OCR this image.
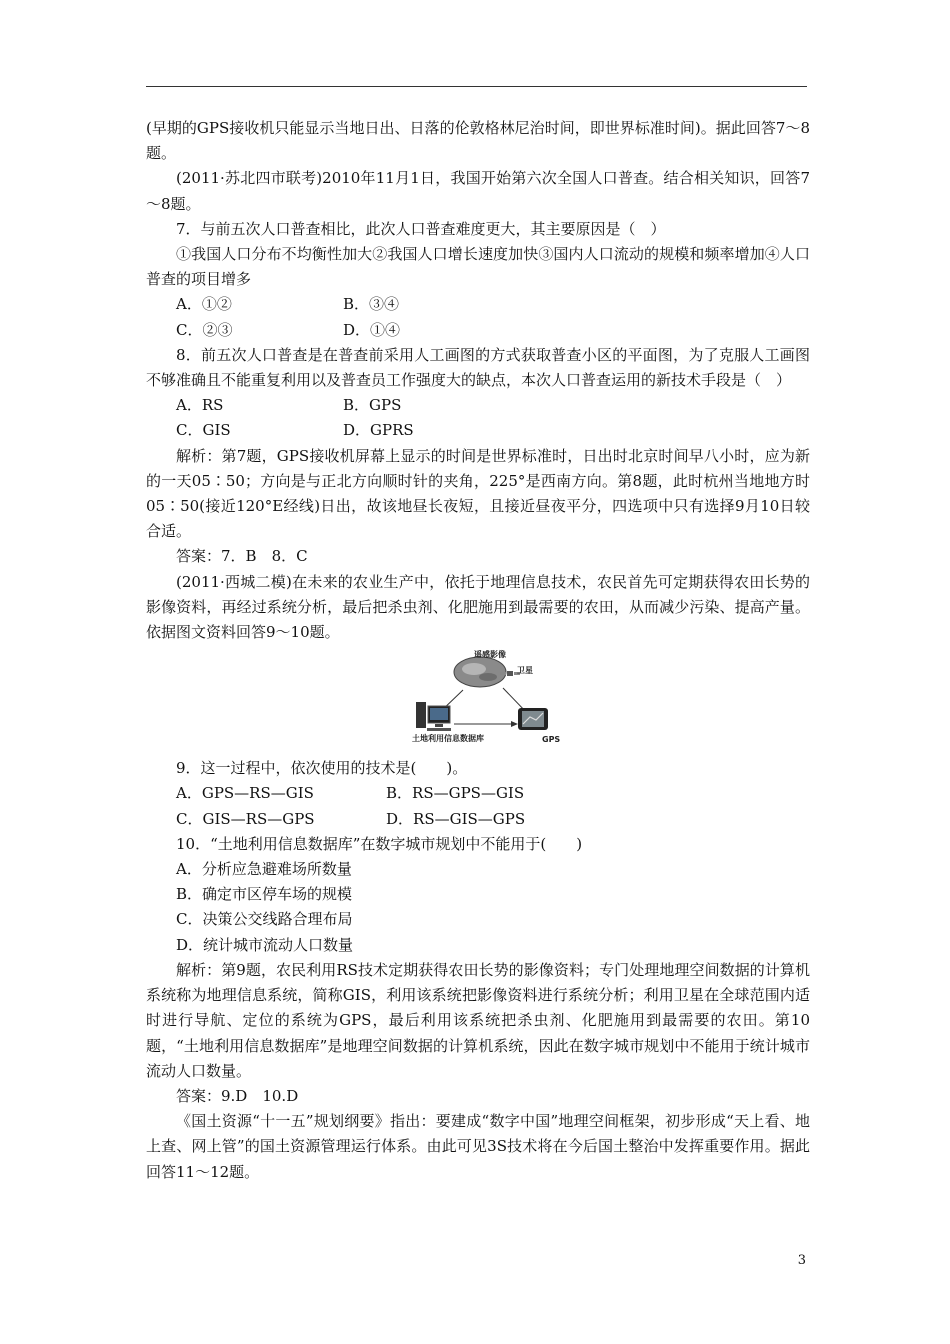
(早期的GPS接收机只能显示当地日出、日落的伦敦格林尼治时间，即世界标准时间)。据此回答7～8题。

(2011·苏北四市联考)2010年11月1日，我国开始第六次全国人口普查。结合相关知识，回答7～8题。

7．与前五次人口普查相比，此次人口普查难度更大，其主要原因是（　）

①我国人口分布不均衡性加大②我国人口增长速度加快③国内人口流动的规模和频率增加④人口普查的项目增多

A．①②	B．③④
C．②③	D．①④

8．前五次人口普查是在普查前采用人工画图的方式获取普查小区的平面图，为了克服人工画图不够准确且不能重复利用以及普查员工作强度大的缺点，本次人口普查运用的新技术手段是（　）

A．RS	B．GPS
C．GIS	D．GPRS

解析：第7题，GPS接收机屏幕上显示的时间是世界标准时，日出时北京时间早八小时，应为新的一天05∶50；方向是与正北方向顺时针的夹角，225°是西南方向。第8题，此时杭州当地地方时05∶50(接近120°E经线)日出，故该地昼长夜短，且接近昼夜平分，四选项中只有选择9月10日较合适。

答案：7．B　8．C

(2011·西城二模)在未来的农业生产中，依托于地理信息技术，农民首先可定期获得农田长势的影像资料，再经过系统分析，最后把杀虫剂、化肥施用到最需要的农田，从而减少污染、提高产量。依据图文资料回答9～10题。

遥感影像
卫星
土地利用信息数据库	GPS

9．这一过程中，依次使用的技术是(　　)。

A．GPS—RS—GIS	B．RS—GPS—GIS
C．GIS—RS—GPS	D．RS—GIS—GPS

10．“土地利用信息数据库”在数字城市规划中不能用于(　　)

A．分析应急避难场所数量

B．确定市区停车场的规模

C．决策公交线路合理布局

D．统计城市流动人口数量

解析：第9题，农民利用RS技术定期获得农田长势的影像资料；专门处理地理空间数据的计算机系统称为地理信息系统，简称GIS，利用该系统把影像资料进行系统分析；利用卫星在全球范围内适时进行导航、定位的系统为GPS，最后利用该系统把杀虫剂、化肥施用到最需要的农田。第10题，“土地利用信息数据库”是地理空间数据的计算机系统，因此在数字城市规划中不能用于统计城市流动人口数量。

答案：9.D　10.D

《国土资源“十一五”规划纲要》指出：要建成“数字中国”地理空间框架，初步形成“天上看、地上查、网上管”的国土资源管理运行体系。由此可见3S技术将在今后国土整治中发挥重要作用。据此回答11～12题。

3
